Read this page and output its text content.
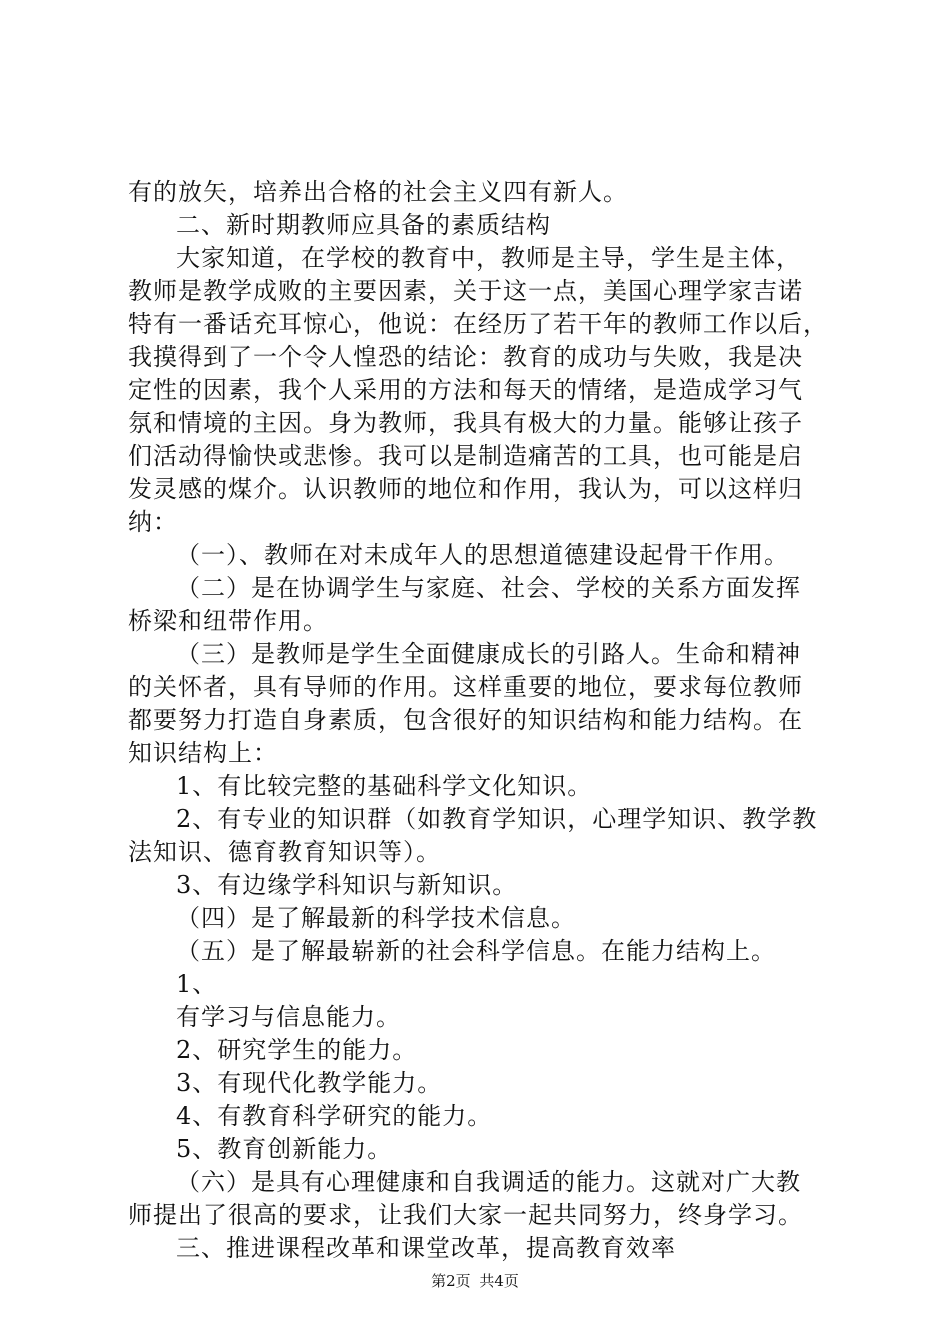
有的放矢，培养出合格的社会主义四有新人。
二、新时期教师应具备的素质结构
大家知道，在学校的教育中，教师是主导，学生是主体，
教师是教学成败的主要因素，关于这一点，美国心理学家吉诺
特有一番话充耳惊心，他说：在经历了若干年的教师工作以后，
我摸得到了一个令人惶恐的结论：教育的成功与失败，我是决
定性的因素，我个人采用的方法和每天的情绪，是造成学习气
氛和情境的主因。身为教师，我具有极大的力量。能够让孩子
们活动得愉快或悲惨。我可以是制造痛苦的工具，也可能是启
发灵感的煤介。认识教师的地位和作用，我认为，可以这样归
纳：
（一）、教师在对未成年人的思想道德建设起骨干作用。
（二）是在协调学生与家庭、社会、学校的关系方面发挥
桥梁和纽带作用。
（三）是教师是学生全面健康成长的引路人。生命和精神
的关怀者，具有导师的作用。这样重要的地位，要求每位教师
都要努力打造自身素质，包含很好的知识结构和能力结构。在
知识结构上：
1、有比较完整的基础科学文化知识。
2、有专业的知识群（如教育学知识，心理学知识、教学教
法知识、德育教育知识等）。
3、有边缘学科知识与新知识。
（四）是了解最新的科学技术信息。
（五）是了解最崭新的社会科学信息。在能力结构上。
1、
有学习与信息能力。
2、研究学生的能力。
3、有现代化教学能力。
4、有教育科学研究的能力。
5、教育创新能力。
（六）是具有心理健康和自我调适的能力。这就对广大教
师提出了很高的要求，让我们大家一起共同努力，终身学习。
三、推进课程改革和课堂改革，提高教育效率
第2页 共4页
